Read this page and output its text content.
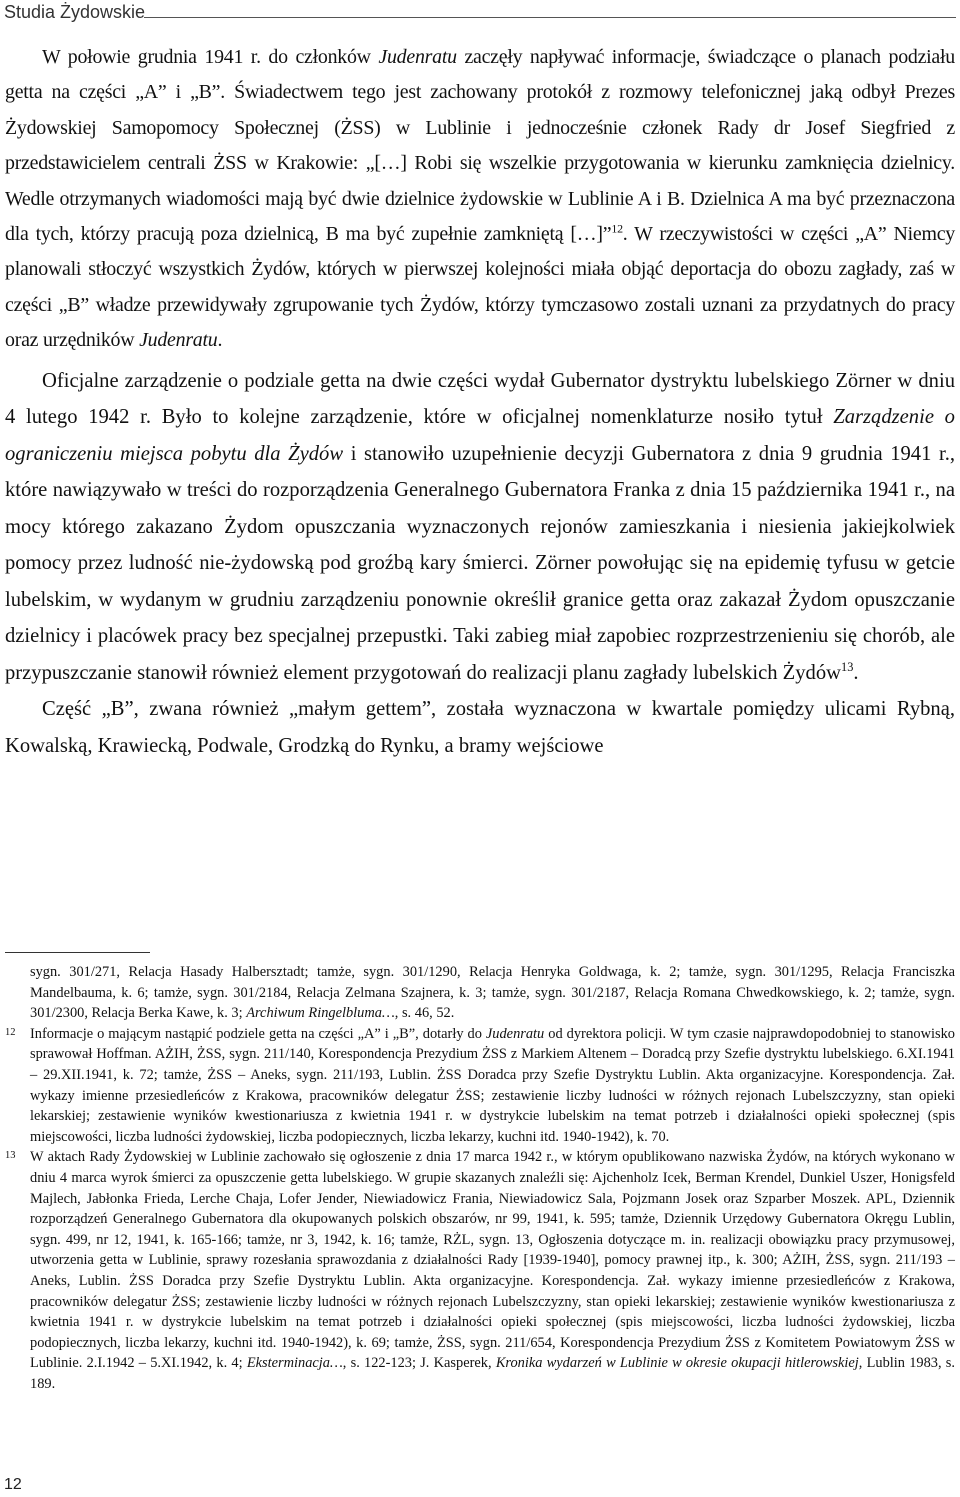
Studia Żydowskie

W połowie grudnia 1941 r. do członków Judenratu zaczęły napływać informacje, świadczące o planach podziału getta na części „A” i „B”. Świadectwem tego jest zachowany protokół z rozmowy telefonicznej jaką odbył Prezes Żydowskiej Samopomocy Społecznej (ŻSS) w Lublinie i jednocześnie członek Rady dr Josef Siegfried z przedstawicielem centrali ŻSS w Krakowie: „[…] Robi się wszelkie przygotowania w kierunku zamknięcia dzielnicy. Wedle otrzymanych wiadomości mają być dwie dzielnice żydowskie w Lublinie A i B. Dzielnica A ma być przeznaczona dla tych, którzy pracują poza dzielnicą, B ma być zupełnie zamkniętą […]”$^{12}$. W rzeczywistości w części „A” Niemcy planowali stłoczyć wszystkich Żydów, których w pierwszej kolejności miała objąć deportacja do obozu zagłady, zaś w części „B” władze przewidywały zgrupowanie tych Żydów, którzy tymczasowo zostali uznani za przydatnych do pracy oraz urzędników Judenratu.

Oficjalne zarządzenie o podziale getta na dwie części wydał Gubernator dystryktu lubelskiego Zörner w dniu 4 lutego 1942 r. Było to kolejne zarządzenie, które w oficjalnej nomenklaturze nosiło tytuł Zarządzenie o ograniczeniu miejsca pobytu dla Żydów i stanowiło uzupełnienie decyzji Gubernatora z dnia 9 grudnia 1941 r., które nawiązywało w treści do rozporządzenia Generalnego Gubernatora Franka z dnia 15 października 1941 r., na mocy którego zakazano Żydom opuszczania wyznaczonych rejonów zamieszkania i niesienia jakiejkolwiek pomocy przez ludność nie-żydowską pod groźbą kary śmierci. Zörner powołując się na epidemię tyfusu w getcie lubelskim, w wydanym w grudniu zarządzeniu ponownie określił granice getta oraz zakazał Żydom opuszczanie dzielnicy i placówek pracy bez specjalnej przepustki. Taki zabieg miał zapobiec rozprzestrzenieniu się chorób, ale przypuszczanie stanowił również element przygotowań do realizacji planu zagłady lubelskich Żydów$^{13}$.

Część „B”, zwana również „małym gettem”, została wyznaczona w kwartale pomiędzy ulicami Rybną, Kowalską, Krawiecką, Podwale, Grodzką do Rynku, a bramy wejściowe

sygn. 301/271, Relacja Hasady Halbersztadt; tamże, sygn. 301/1290, Relacja Henryka Goldwaga, k. 2; tamże, sygn. 301/1295, Relacja Franciszka Mandelbauma, k. 6; tamże, sygn. 301/2184, Relacja Zelmana Szajnera, k. 3; tamże, sygn. 301/2187, Relacja Romana Chwedkowskiego, k. 2; tamże, sygn. 301/2300, Relacja Berka Kawe, k. 3; Archiwum Ringelbluma…, s. 46, 52.
12 Informacje o mającym nastąpić podziele getta na części „A” i „B”, dotarły do Judenratu od dyrektora policji. W tym czasie najprawdopodobniej to stanowisko sprawował Hoffman. AŻIH, ŻSS, sygn. 211/140, Korespondencja Prezydium ŻSS z Markiem Altenem – Doradcą przy Szefie dystryktu lubelskiego. 6.XI.1941 – 29.XII.1941, k. 72; tamże, ŻSS – Aneks, sygn. 211/193, Lublin. ŻSS Doradca przy Szefie Dystryktu Lublin. Akta organizacyjne. Korespondencja. Zał. wykazy imienne przesiedleńców z Krakowa, pracowników delegatur ŻSS; zestawienie liczby ludności w różnych rejonach Lubelszczyzny, stan opieki lekarskiej; zestawienie wyników kwestionariusza z kwietnia 1941 r. w dystrykcie lubelskim na temat potrzeb i działalności opieki społecznej (spis miejscowości, liczba ludności żydowskiej, liczba podopiecznych, liczba lekarzy, kuchni itd. 1940-1942), k. 70.
13 W aktach Rady Żydowskiej w Lublinie zachowało się ogłoszenie z dnia 17 marca 1942 r., w którym opublikowano nazwiska Żydów, na których wykonano w dniu 4 marca wyrok śmierci za opuszczenie getta lubelskiego. W grupie skazanych znaleźli się: Ajchenholz Icek, Berman Krendel, Dunkiel Uszer, Honigsfeld Majlech, Jabłonka Frieda, Lerche Chaja, Lofer Jender, Niewiadowicz Frania, Niewiadowicz Sala, Pojzmann Josek oraz Szparber Moszek. APL, Dziennik rozporządzeń Generalnego Gubernatora dla okupowanych polskich obszarów, nr 99, 1941, k. 595; tamże, Dziennik Urzędowy Gubernatora Okręgu Lublin, sygn. 499, nr 12, 1941, k. 165-166; tamże, nr 3, 1942, k. 16; tamże, RŻL, sygn. 13, Ogłoszenia dotyczące m. in. realizacji obowiązku pracy przymusowej, utworzenia getta w Lublinie, sprawy rozesłania sprawozdania z działalności Rady [1939-1940], pomocy prawnej itp., k. 300; AŻIH, ŻSS, sygn. 211/193 – Aneks, Lublin. ŻSS Doradca przy Szefie Dystryktu Lublin. Akta organizacyjne. Korespondencja. Zał. wykazy imienne przesiedleńców z Krakowa, pracowników delegatur ŻSS; zestawienie liczby ludności w różnych rejonach Lubelszczyzny, stan opieki lekarskiej; zestawienie wyników kwestionariusza z kwietnia 1941 r. w dystrykcie lubelskim na temat potrzeb i działalności opieki społecznej (spis miejscowości, liczba ludności żydowskiej, liczba podopiecznych, liczba lekarzy, kuchni itd. 1940-1942), k. 69; tamże, ŻSS, sygn. 211/654, Korespondencja Prezydium ŻSS z Komitetem Powiatowym ŻSS w Lublinie. 2.I.1942 – 5.XI.1942, k. 4; Eksterminacja…, s. 122-123; J. Kasperek, Kronika wydarzeń w Lublinie w okresie okupacji hitlerowskiej, Lublin 1983, s. 189.
12
